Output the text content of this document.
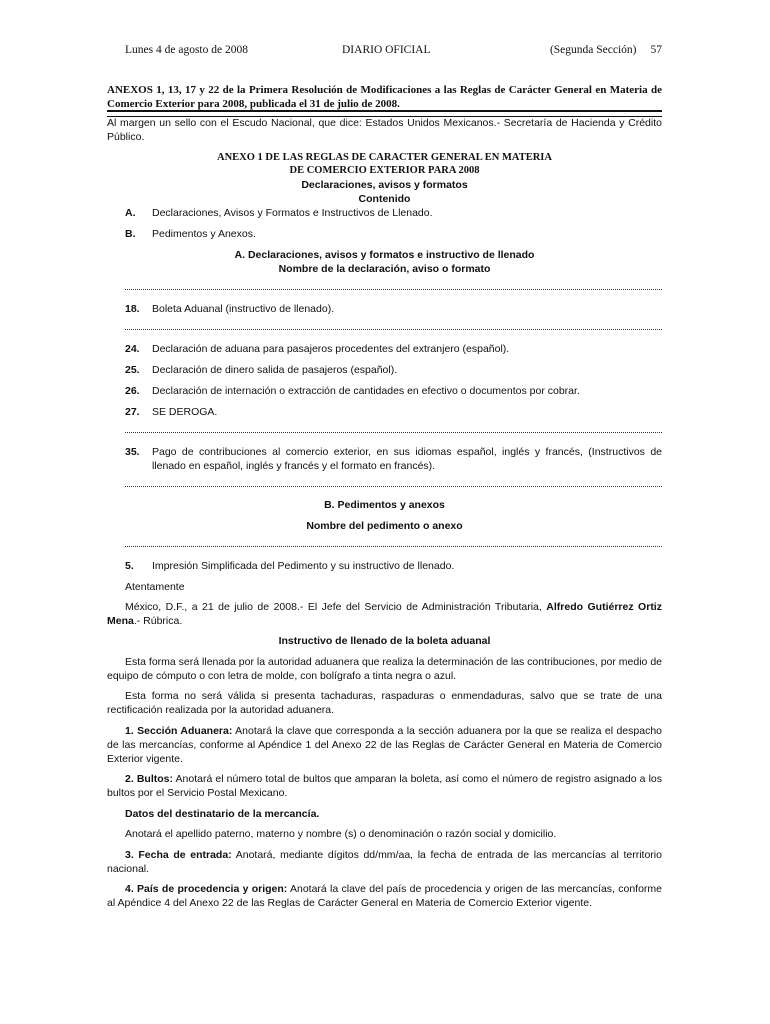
Lunes 4 de agosto de 2008	DIARIO OFICIAL	(Segunda Sección) 57
ANEXOS 1, 13, 17 y 22 de la Primera Resolución de Modificaciones a las Reglas de Carácter General en Materia de Comercio Exterior para 2008, publicada el 31 de julio de 2008.
Al margen un sello con el Escudo Nacional, que dice: Estados Unidos Mexicanos.- Secretaría de Hacienda y Crédito Público.
ANEXO 1 DE LAS REGLAS DE CARACTER GENERAL EN MATERIA
DE COMERCIO EXTERIOR PARA 2008
Declaraciones, avisos y formatos
Contenido
A. Declaraciones, Avisos y Formatos e Instructivos de Llenado.
B. Pedimentos y Anexos.
A. Declaraciones, avisos y formatos e instructivo de llenado
Nombre de la declaración, aviso o formato
18. Boleta Aduanal (instructivo de llenado).
24. Declaración de aduana para pasajeros procedentes del extranjero (español).
25. Declaración de dinero salida de pasajeros (español).
26. Declaración de internación o extracción de cantidades en efectivo o documentos por cobrar.
27. SE DEROGA.
35. Pago de contribuciones al comercio exterior, en sus idiomas español, inglés y francés, (Instructivos de llenado en español, inglés y francés y el formato en francés).
B. Pedimentos y anexos
Nombre del pedimento o anexo
5. Impresión Simplificada del Pedimento y su instructivo de llenado.
Atentamente
México, D.F., a 21 de julio de 2008.- El Jefe del Servicio de Administración Tributaria, Alfredo Gutiérrez Ortiz Mena.- Rúbrica.
Instructivo de llenado de la boleta aduanal
Esta forma será llenada por la autoridad aduanera que realiza la determinación de las contribuciones, por medio de equipo de cómputo o con letra de molde, con bolígrafo a tinta negra o azul.
Esta forma no será válida si presenta tachaduras, raspaduras o enmendaduras, salvo que se trate de una rectificación realizada por la autoridad aduanera.
1. Sección Aduanera: Anotará la clave que corresponda a la sección aduanera por la que se realiza el despacho de las mercancías, conforme al Apéndice 1 del Anexo 22 de las Reglas de Carácter General en Materia de Comercio Exterior vigente.
2. Bultos: Anotará el número total de bultos que amparan la boleta, así como el número de registro asignado a los bultos por el Servicio Postal Mexicano.
Datos del destinatario de la mercancía.
Anotará el apellido paterno, materno y nombre (s) o denominación o razón social y domicilio.
3. Fecha de entrada: Anotará, mediante dígitos dd/mm/aa, la fecha de entrada de las mercancías al territorio nacional.
4. País de procedencia y origen: Anotará la clave del país de procedencia y origen de las mercancías, conforme al Apéndice 4 del Anexo 22 de las Reglas de Carácter General en Materia de Comercio Exterior vigente.
